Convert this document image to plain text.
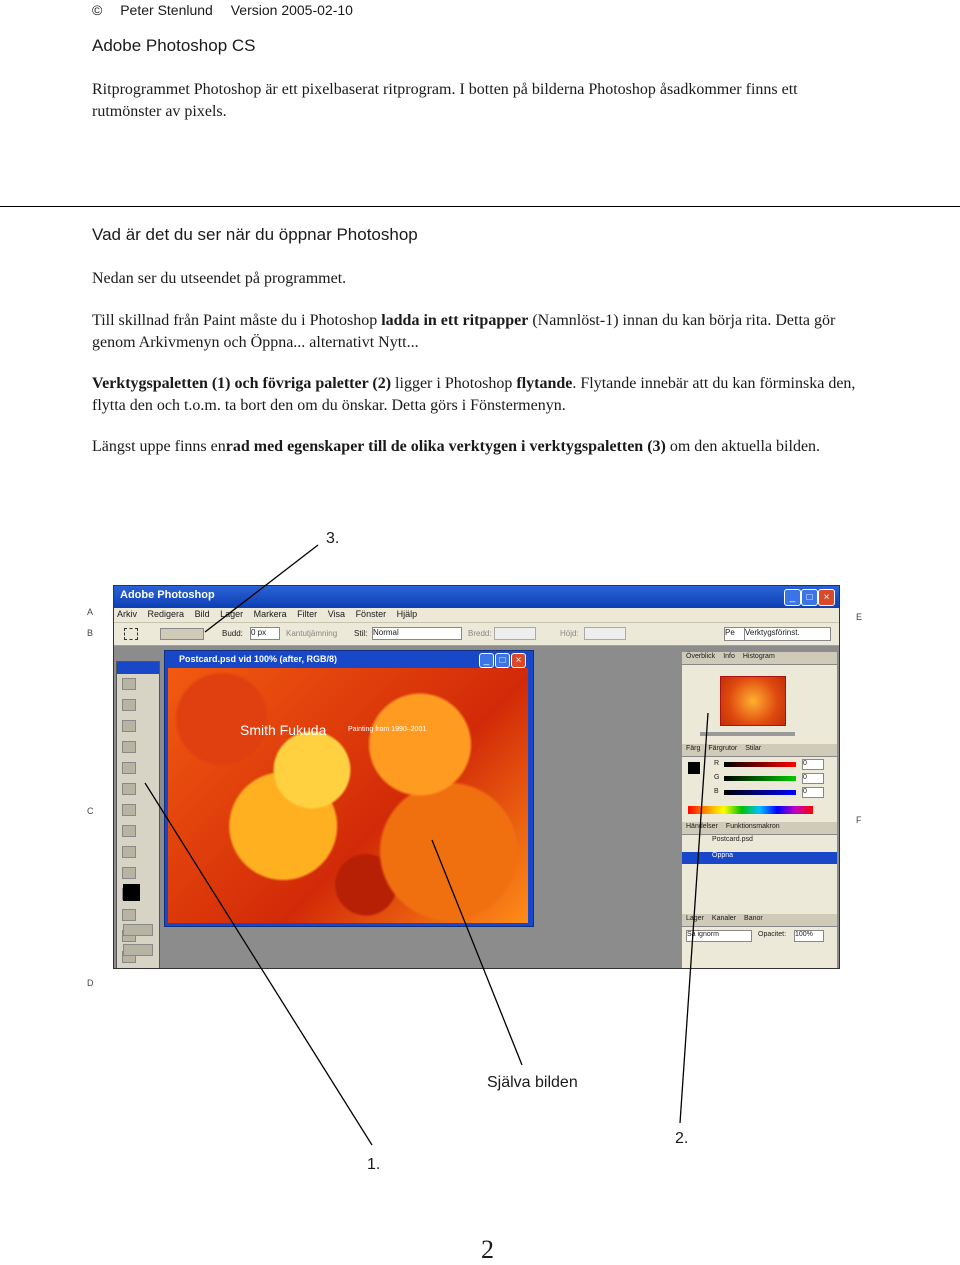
© Peter Stenlund Version 2005-02-10
Adobe Photoshop CS
Ritprogrammet Photoshop är ett pixelbaserat ritprogram. I botten på bilderna Photoshop åsadkommer finns ett rutmönster av pixels.
Vad är det du ser när du öppnar Photoshop
Nedan ser du utseendet på programmet.
Till skillnad från Paint måste du i Photoshop ladda in ett ritpapper (Namnlöst-1) innan du kan börja rita. Detta gör genom Arkivmenyn och Öppna... alternativt Nytt...
Verktygspaletten (1) och fövriga paletter (2) ligger i Photoshop flytande. Flytande innebär att du kan förminska den, flytta den och t.o.m. ta bort den om du önskar. Detta görs i Fönstermenyn.
Längst uppe finns enrad med egenskaper till de olika verktygen i verktygspaletten (3) om den aktuella bilden.
3.
Själva bilden
2.
1.
2
A
B
C
D
E
F
Adobe Photoshop	_	□	×
Arkiv Redigera Bild Lager Markera Filter Visa Fönster Hjälp
Budd: 0 px	Kantutjämning Stil: Normal	Bredd:	Höjd:	Pe	Verktygsförinst.

Postcard.psd vid 100% (after, RGB/8)	_	□	×
Smith Fukuda	Painting from 1990–2001
Överblick Info Histogram
Färg Färgrutor Stilar
R	0
G	0
B	0
Händelser Funktionsmakron
Postcard.psd
Öppna
Lager Kanaler Banor
Så ignorm	Opacitet: 100%
